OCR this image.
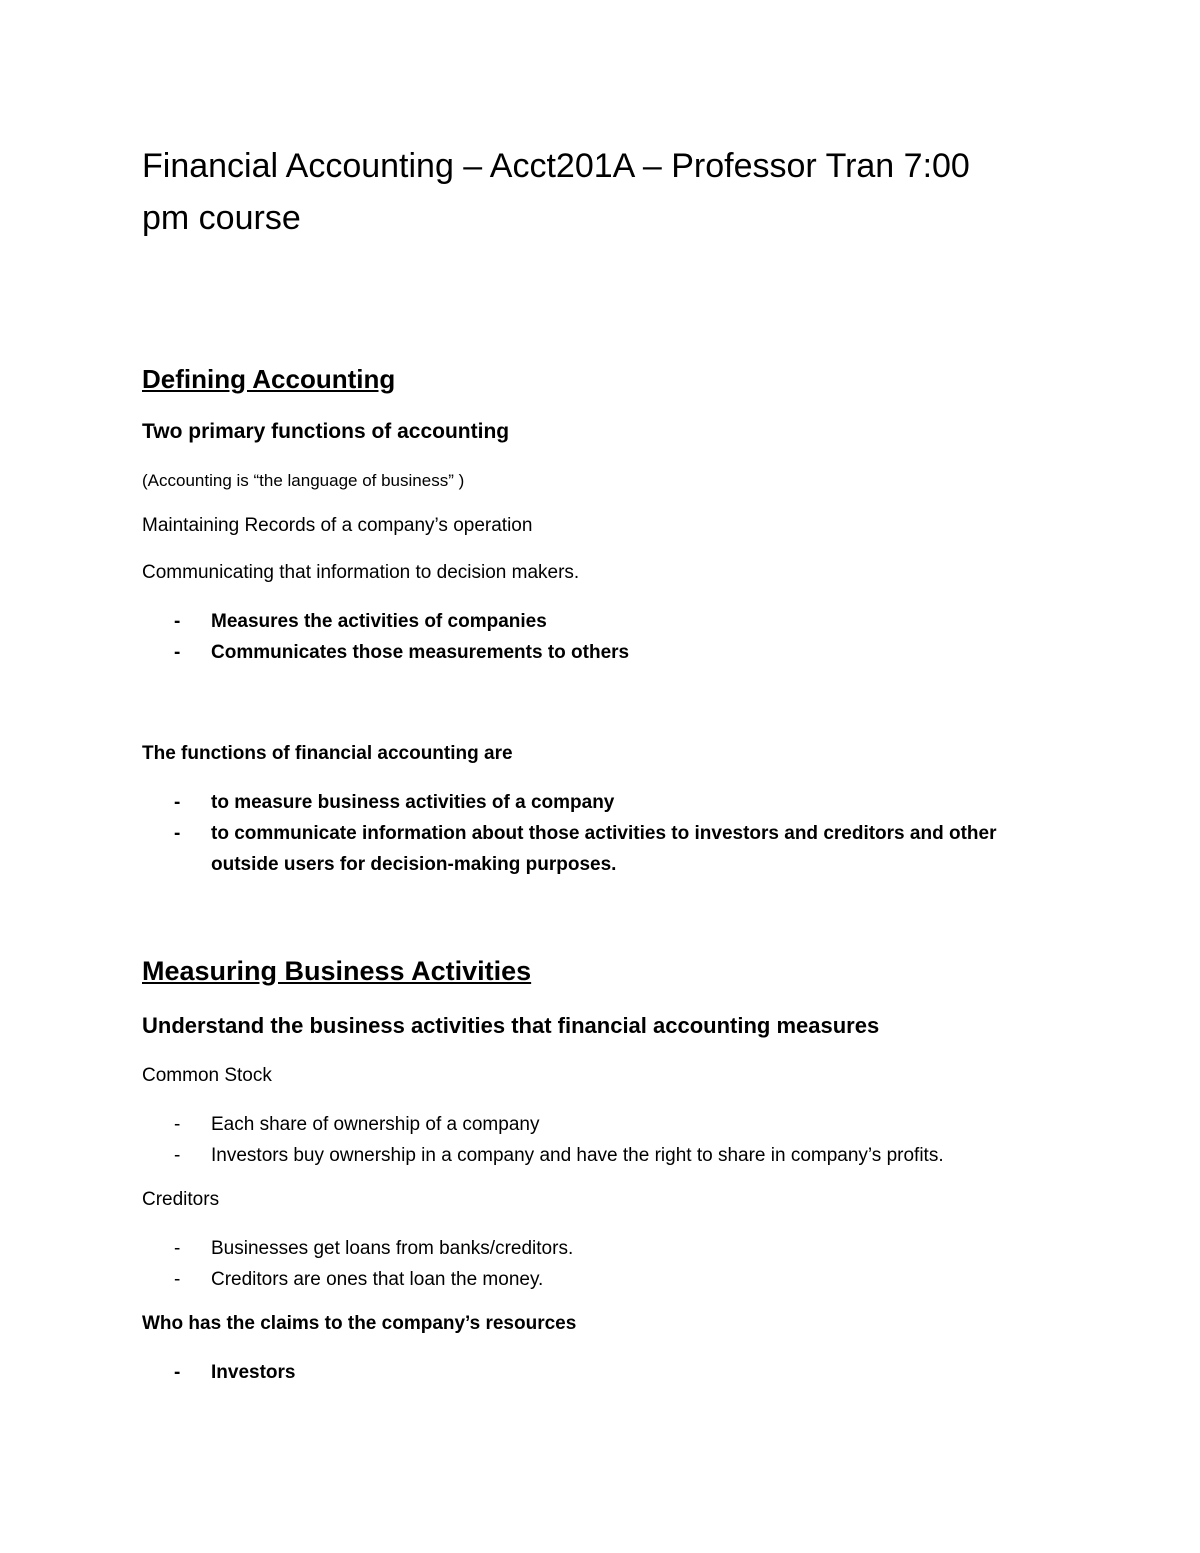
Financial Accounting – Acct201A – Professor Tran 7:00
pm course
Defining Accounting
Two primary functions of accounting
(Accounting is “the language of business” )
Maintaining Records of a company’s operation
Communicating that information to decision makers.
- Measures the activities of companies
- Communicates those measurements to others
The functions of financial accounting are
- to measure business activities of a company
- to communicate information about those activities to investors and creditors and other outside users for decision-making purposes.
Measuring Business Activities
Understand the business activities that financial accounting measures
Common Stock
- Each share of ownership of a company
- Investors buy ownership in a company and have the right to share in company’s profits.
Creditors
- Businesses get loans from banks/creditors.
- Creditors are ones that loan the money.
Who has the claims to the company’s resources
- Investors
